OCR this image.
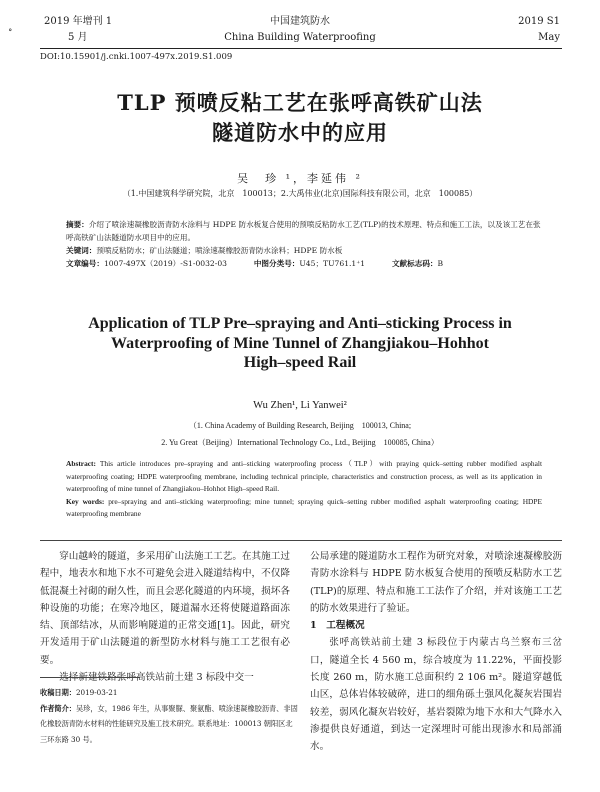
˳	2019 年增刊 1
5 月
中国建筑防水
China Building Waterproofing
2019 S1
May
DOI:10.15901/j.cnki.1007-497x.2019.S1.009
TLP 预喷反粘工艺在张呼高铁矿山法
隧道防水中的应用
吴　珍 ¹，李延伟 ²
（1.中国建筑科学研究院，北京　100013；2.大禹伟业(北京)国际科技有限公司，北京　100085）
摘要：介绍了喷涂速凝橡胶沥青防水涂料与 HDPE 防水板复合使用的预喷反粘防水工艺(TLP)的技术原理、特点和施工工法，以及该工艺在张呼高铁矿山法隧道防水项目中的应用。
关键词：预喷反粘防水；矿山法隧道；喷涂速凝橡胶沥青防水涂料；HDPE 防水板
文章编号：1007-497X（2019）-S1-0032-03	中图分类号：U45；TU761.1⁺1	文献标志码：B
Application of TLP Pre–spraying and Anti–sticking Process in
Waterproofing of Mine Tunnel of Zhangjiakou–Hohhot
High–speed Rail
Wu Zhen¹, Li Yanwei²
（1. China Academy of Building Research, Beijing　100013, China;
2. Yu Great（Beijing）International Technology Co., Ltd., Beijing　100085, China）
Abstract: This article introduces pre–spraying and anti–sticking waterproofing process（TLP）with praying quick–setting rubber modified asphalt waterproofing coating; HDPE waterproofing membrane, including technical principle, characteristics and construction process, as well as its application in waterproofing of mine tunnel of Zhangjiakou–Hohhot High–speed Rail.
Key words: pre–spraying and anti–sticking waterproofing; mine tunnel; spraying quick–setting rubber modified asphalt waterproofing coating; HDPE waterproofing membrane

穿山越岭的隧道，多采用矿山法施工工艺。在其施工过程中，地表水和地下水不可避免会进入隧道结构中，不仅降低混凝土衬砌的耐久性，而且会恶化隧道的内环境，损坏各种设施的功能；在寒冷地区，隧道漏水还将使隧道路面冻结、顶部结冰，从而影响隧道的正常交通[1]。因此，研究开发适用于矿山法隧道的新型防水材料与施工工艺很有必要。

选择新建铁路张呼高铁站前土建 3 标段中交一

公局承建的隧道防水工程作为研究对象，对喷涂速凝橡胶沥青防水涂料与 HDPE 防水板复合使用的预喷反粘防水工艺(TLP)的原理、特点和施工工法作了介绍，并对该施工工艺的防水效果进行了验证。

1　工程概况

张呼高铁站前土建 3 标段位于内蒙古乌兰察布三岔口，隧道全长 4 560 m，综合坡度为 11.22%，平面投影长度 260 m，防水施工总面积约 2 106 m²。隧道穿越低山区，总体岩体较破碎，进口的细角砾土强风化凝灰岩围岩较差，弱风化凝灰岩较好，基岩裂隙为地下水和大气降水入渗提供良好通道，到达一定深埋时可能出现渗水和局部涌水。

收稿日期：2019-03-21
作者简介：吴珍，女，1986 年生，从事聚脲、聚氨酯、喷涂速凝橡胶沥青、非固化橡胶沥青防水材料的性能研究及施工技术研究。联系地址：100013 朝阳区北三环东路 30 号。
